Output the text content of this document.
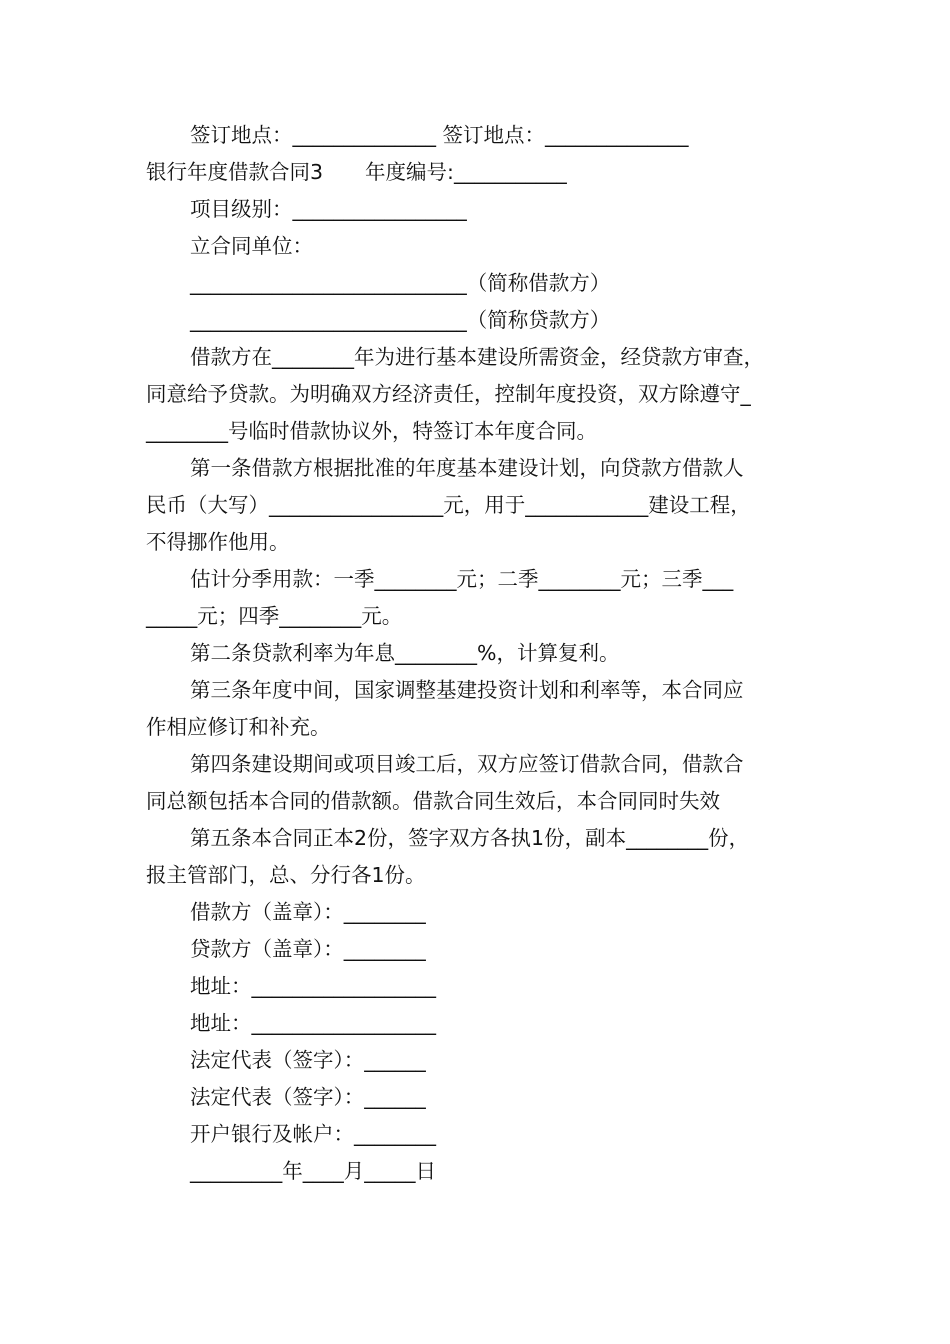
签订地点：______________ 签订地点：______________
银行年度借款合同3 年度编号:___________
项目级别：_________________
立合同单位：
___________________________（简称借款方）
___________________________（简称贷款方）
借款方在________年为进行基本建设所需资金，经贷款方审查，
同意给予贷款。为明确双方经济责任，控制年度投资，双方除遵守_
________号临时借款协议外，特签订本年度合同。
第一条借款方根据批准的年度基本建设计划，向贷款方借款人
民币（大写）_________________元，用于____________建设工程，
不得挪作他用。
估计分季用款：一季________元；二季________元；三季___
_____元；四季________元。
第二条贷款利率为年息________%，计算复利。
第三条年度中间，国家调整基建投资计划和利率等，本合同应
作相应修订和补充。
第四条建设期间或项目竣工后，双方应签订借款合同，借款合
同总额包括本合同的借款额。借款合同生效后，本合同同时失效
第五条本合同正本2份，签字双方各执1份，副本________份，
报主管部门，总、分行各1份。
借款方（盖章）：________
贷款方（盖章）：________
地址：__________________
地址：__________________
法定代表（签字）：______
法定代表（签字）：______
开户银行及帐户：________
_________年____月_____日
